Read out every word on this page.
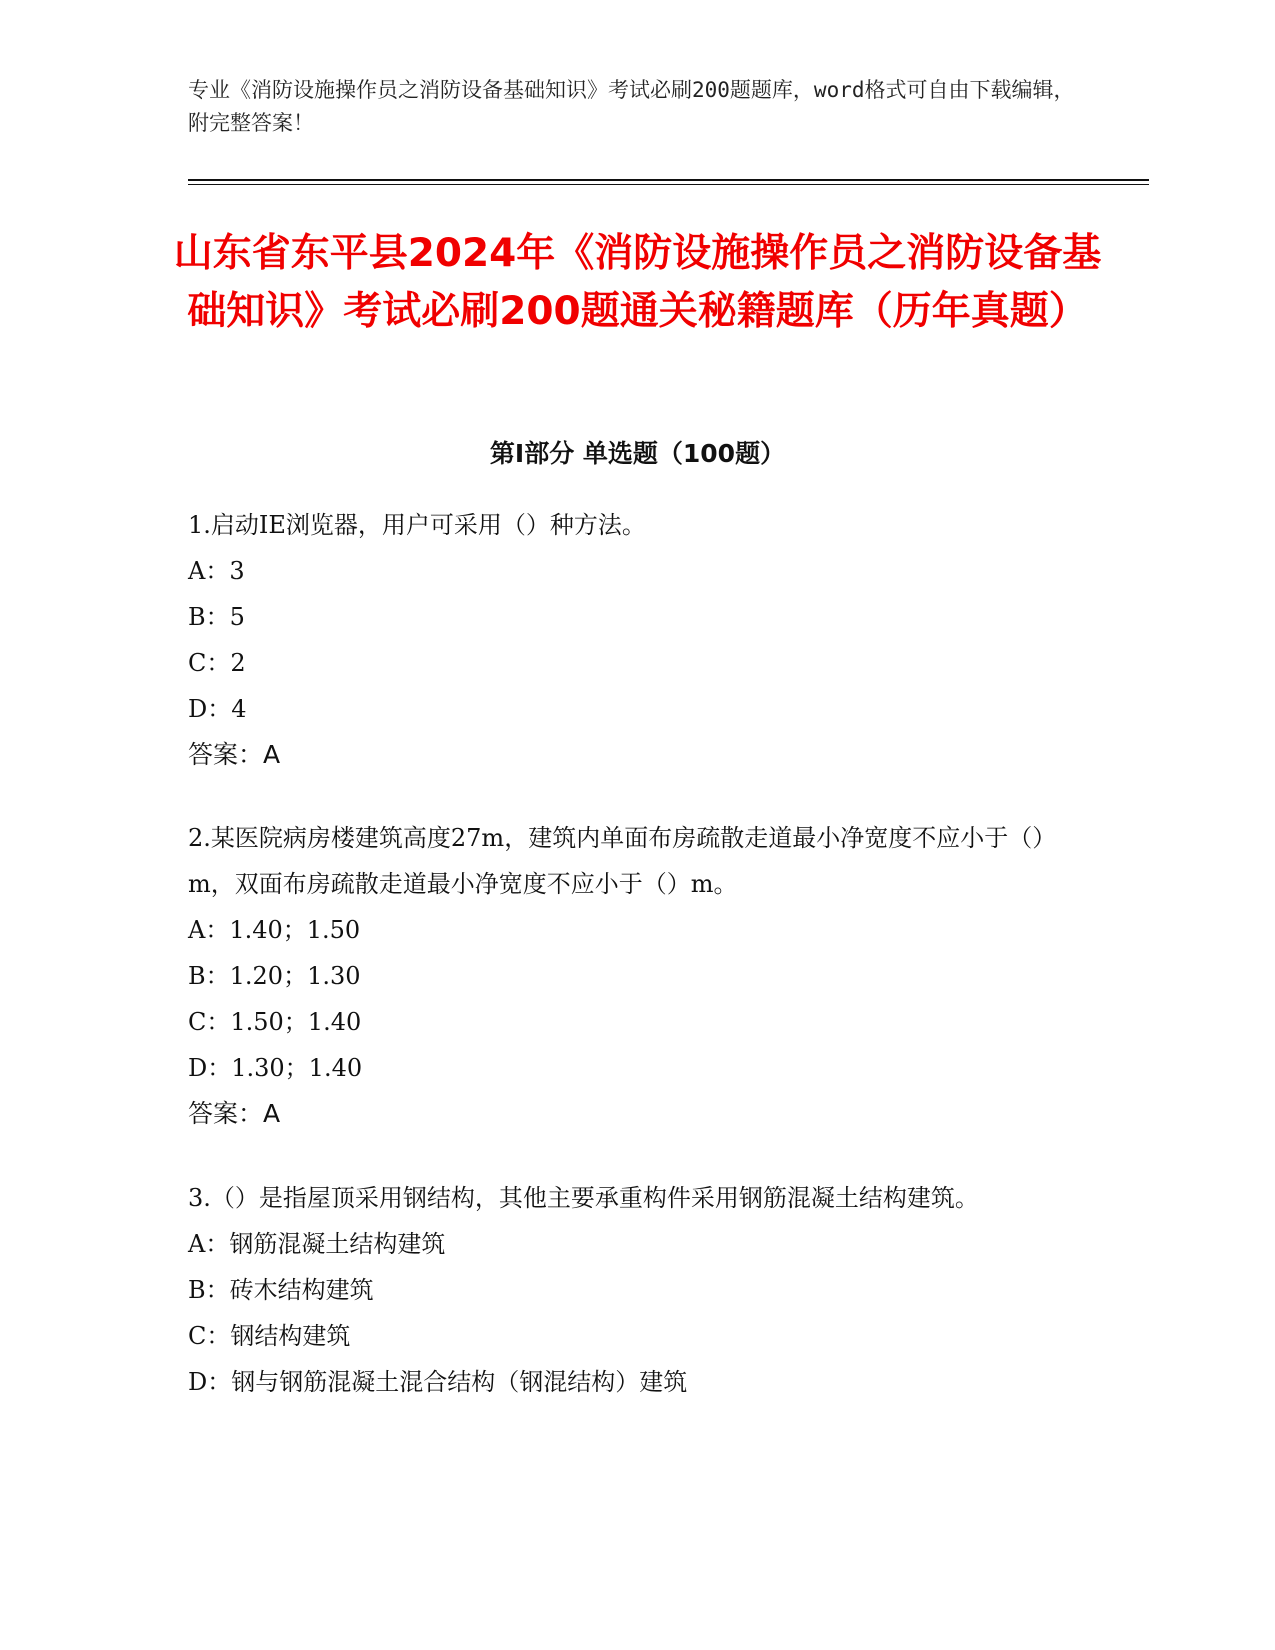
专业《消防设施操作员之消防设备基础知识》考试必刷200题题库，word格式可自由下载编辑，附完整答案！
山东省东平县2024年《消防设施操作员之消防设备基础知识》考试必刷200题通关秘籍题库（历年真题）
第I部分 单选题（100题）

1.启动IE浏览器，用户可采用（）种方法。

A：3

B：5

C：2

D：4

答案：A

2.某医院病房楼建筑高度27m，建筑内单面布房疏散走道最小净宽度不应小于（）m，双面布房疏散走道最小净宽度不应小于（）m。

A：1.40；1.50

B：1.20；1.30

C：1.50；1.40

D：1.30；1.40

答案：A

3.（）是指屋顶采用钢结构，其他主要承重构件采用钢筋混凝土结构建筑。

A：钢筋混凝土结构建筑

B：砖木结构建筑

C：钢结构建筑

D：钢与钢筋混凝土混合结构（钢混结构）建筑
